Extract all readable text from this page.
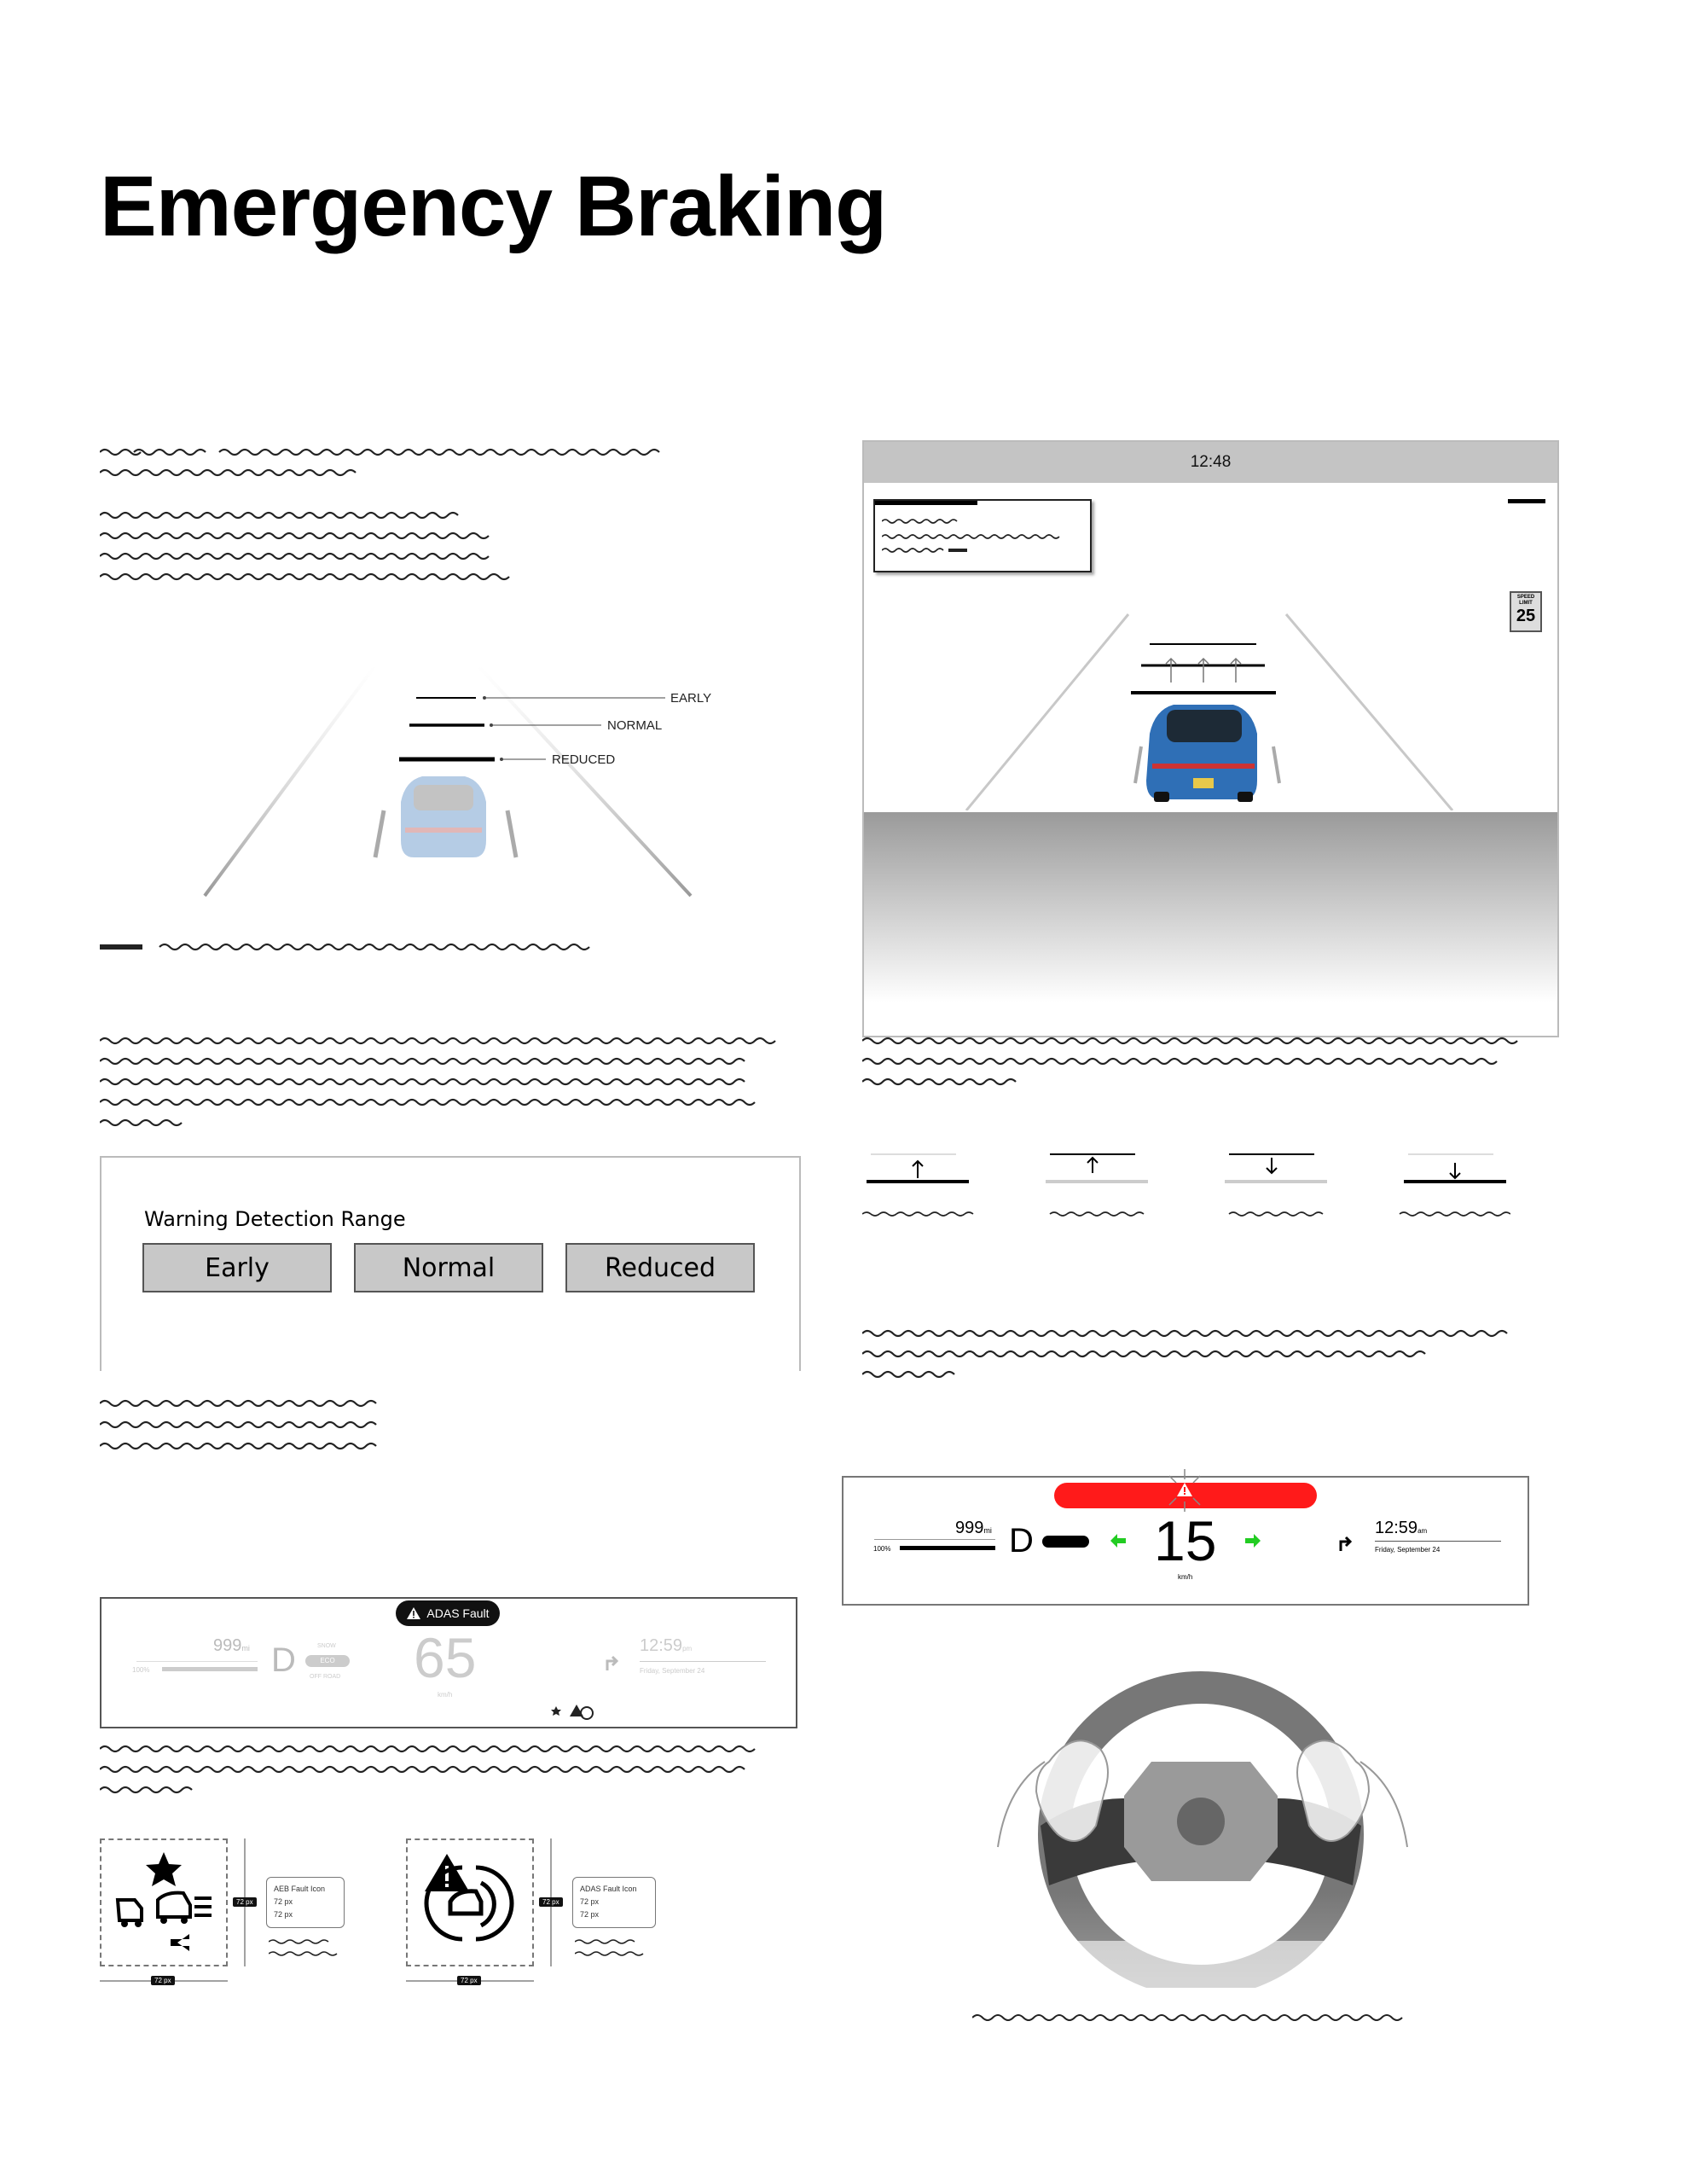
Emergency Braking
EARLY
NORMAL
REDUCED
Warning Detection Range
Early	Normal	Reduced
ADAS Fault
999mi
100%	D	SNOW
ECO
OFF ROAD 65
km/h
12:59pm
Friday, September 24
72 px
72 px
AEB Fault Icon
72 px
72 px
72 px
72 px
ADAS Fault Icon
72 px
72 px
12:48
SPEED LIMIT
25
999mi
100%	D 15
km/h
12:59am
Friday, September 24
